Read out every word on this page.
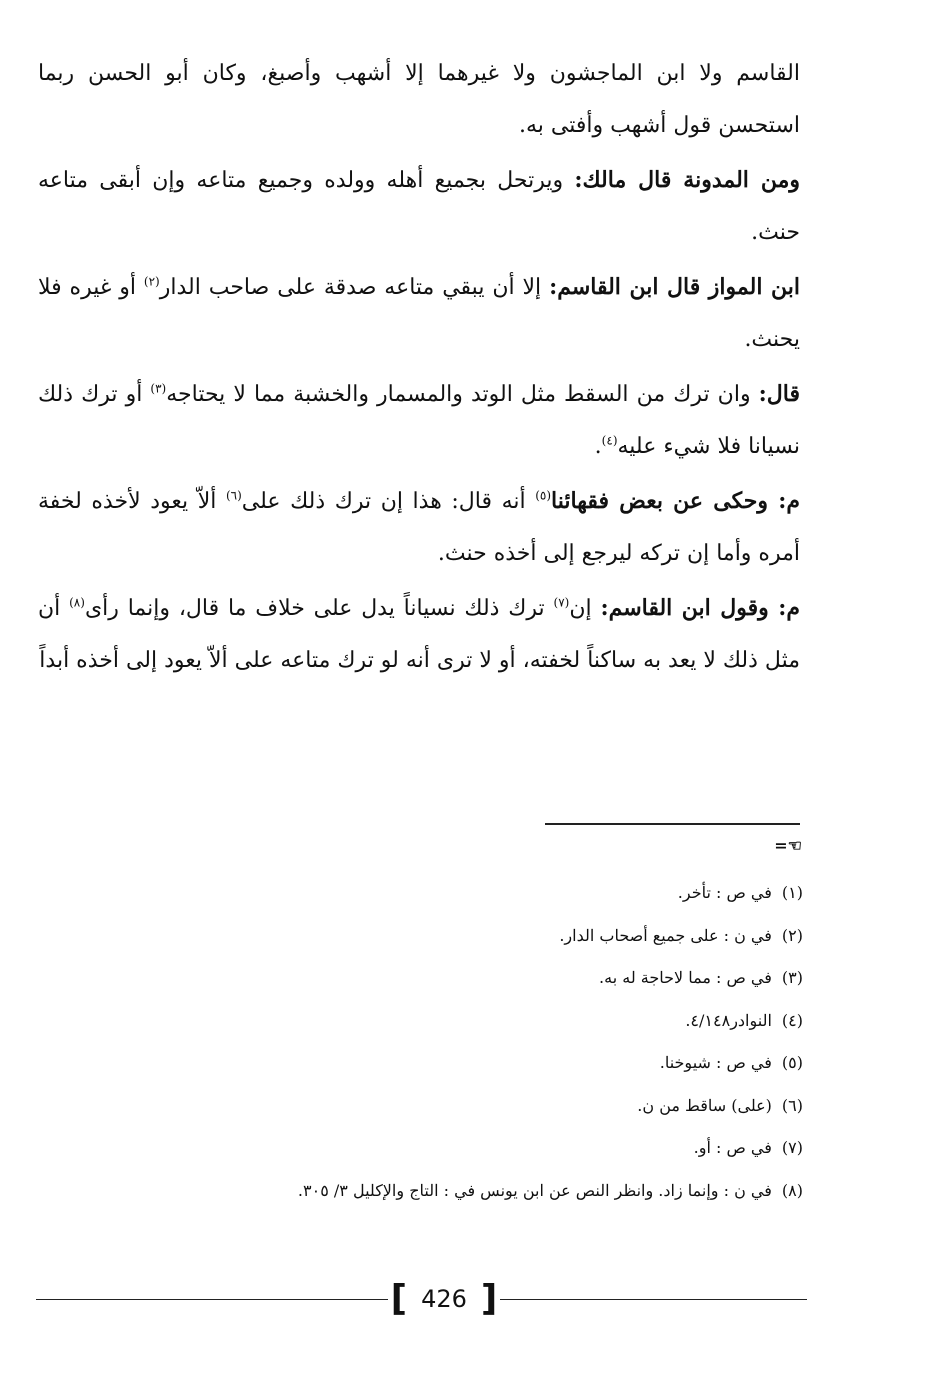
القاسم ولا ابن الماجشون ولا غيرهما إلا أشهب وأصبغ، وكان أبو الحسن ربما استحسن قول أشهب وأفتى به.

ومن المدونة قال مالك: ويرتحل بجميع أهله وولده وجميع متاعه وإن أبقى متاعه حنث.

ابن المواز قال ابن القاسم: إلا أن يبقي متاعه صدقة على صاحب الدار$^{(٢)}$ أو غيره فلا يحنث.

قال: وان ترك من السقط مثل الوتد والمسمار والخشبة مما لا يحتاجه$^{(٣)}$ أو ترك ذلك نسيانا فلا شيء عليه$^{(٤)}$.

م: وحكى عن بعض فقهائنا$^{(٥)}$ أنه قال: هذا إن ترك ذلك على$^{(٦)}$ ألاّ يعود لأخذه لخفة أمره وأما إن تركه ليرجع إلى أخذه حنث.

م: وقول ابن القاسم: إن$^{(٧)}$ ترك ذلك نسياناً يدل على خلاف ما قال، وإنما رأى$^{(٨)}$ أن مثل ذلك لا يعد به ساكناً لخفته، أو لا ترى أنه لو ترك متاعه على ألاّ يعود إلى أخذه أبداً

☜=
(١)في ص : تأخر.
(٢)في ن : على جميع أصحاب الدار.
(٣)في ص : مما لاحاجة له به.
(٤)النوادر٤/١٤٨.
(٥)في ص : شيوخنا.
(٦)(على) ساقط من ن.
(٧)في ص : أو.
(٨)في ن : وإنما زاد. وانظر النص عن ابن يونس في : التاج والإكليل ٣/ ٣٠٥.
[ 426 ]
